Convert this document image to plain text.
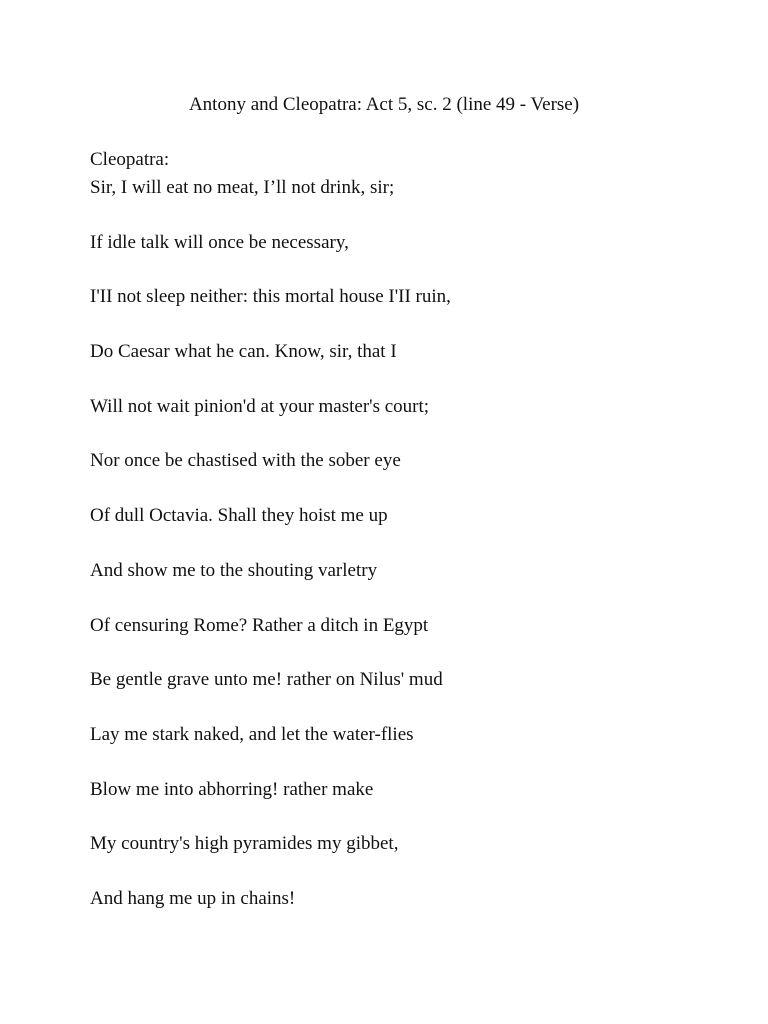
Antony and Cleopatra: Act 5, sc. 2 (line 49 - Verse)

Cleopatra:

Sir, I will eat no meat, I’ll not drink, sir;
If idle talk will once be necessary,
I'II not sleep neither: this mortal house I'II ruin,
Do Caesar what he can. Know, sir, that I
Will not wait pinion'd at your master's court;
Nor once be chastised with the sober eye
Of dull Octavia. Shall they hoist me up
And show me to the shouting varletry
Of censuring Rome? Rather a ditch in Egypt
Be gentle grave unto me! rather on Nilus' mud
Lay me stark naked, and let the water-flies
Blow me into abhorring! rather make
My country's high pyramides my gibbet,
And hang me up in chains!
